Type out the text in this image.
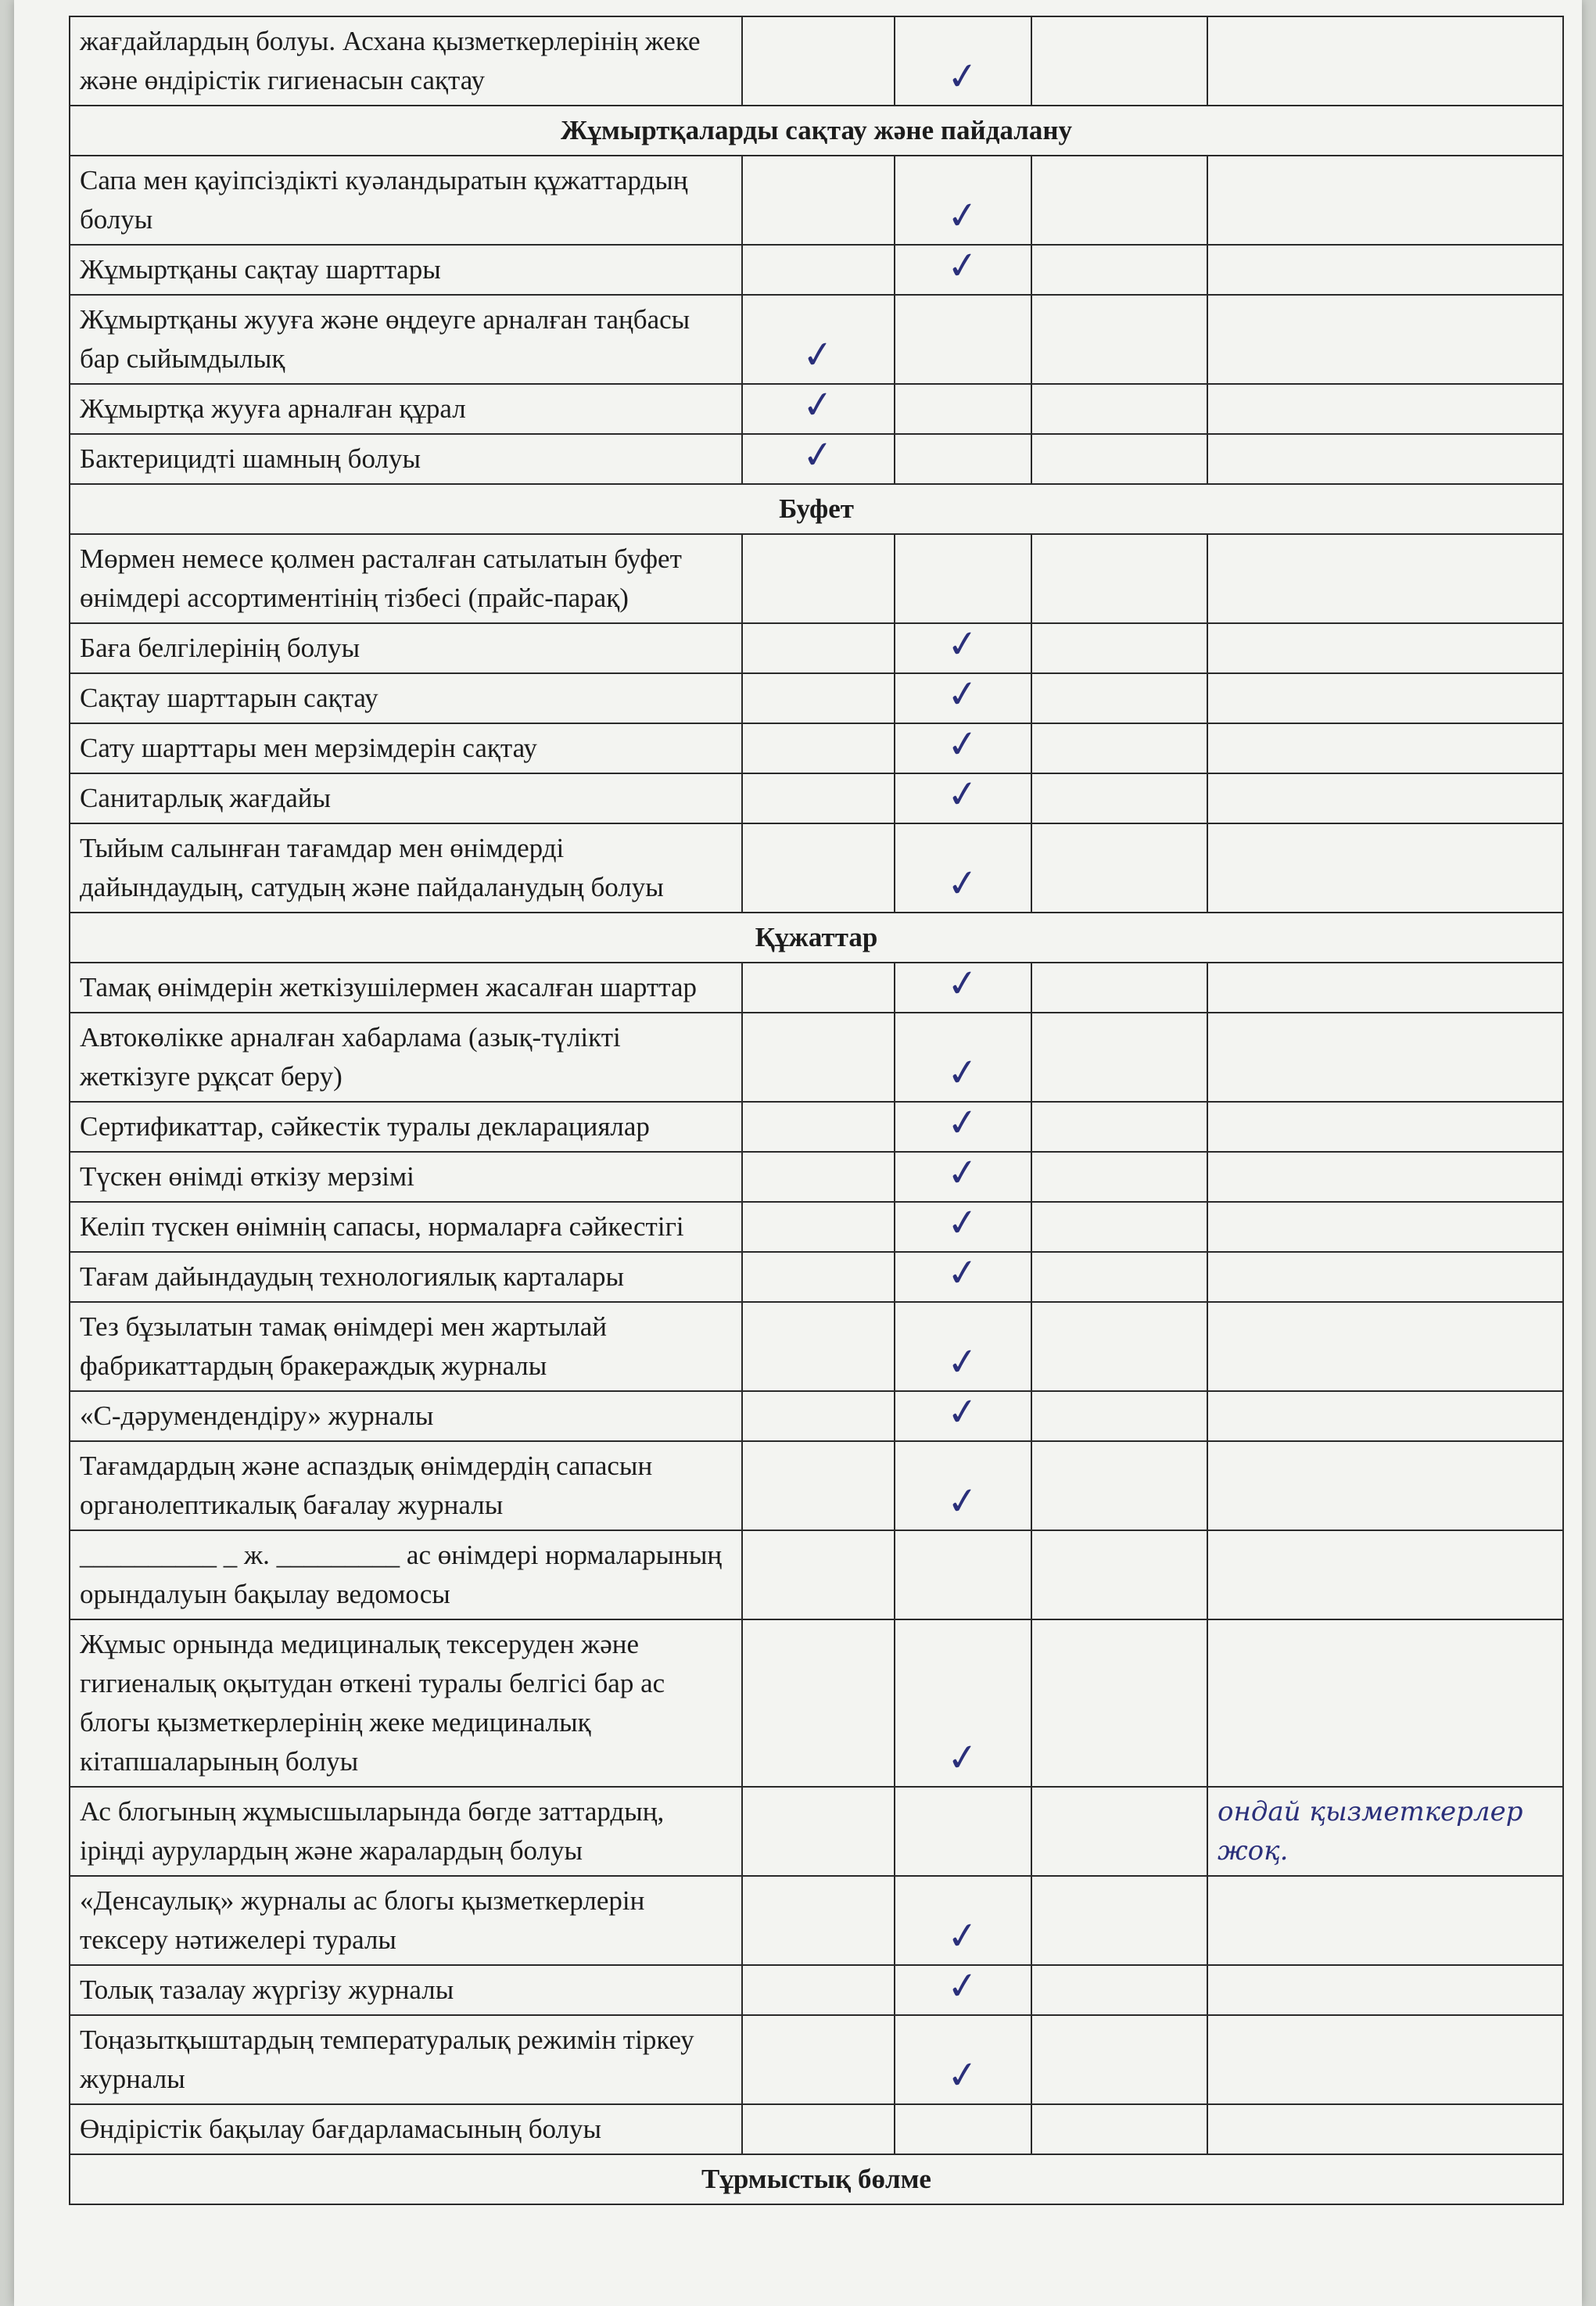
жағдайлардың болуы. Асхана қызметкерлерінің жеке және өндірістік гигиенасын сақтау		✓		
Жұмыртқаларды сақтау және пайдалану				
Сапа мен қауіпсіздікті куәландыратын құжаттардың болуы		✓		
Жұмыртқаны сақтау шарттары		✓		
Жұмыртқаны жууға және өңдеуге арналған таңбасы бар сыйымдылық	✓			
Жұмыртқа жууға арналған құрал	✓			
Бактерицидті шамның болуы	✓			
Буфет				
Мөрмен немесе қолмен расталған сатылатын буфет өнімдері ассортиментінің тізбесі (прайс-парақ)				
Баға белгілерінің болуы		✓		
Сақтау шарттарын сақтау		✓		
Сату шарттары мен мерзімдерін сақтау		✓		
Санитарлық жағдайы		✓		
Тыйым салынған тағамдар мен өнімдерді дайындаудың, сатудың және пайдаланудың болуы		✓		
Құжаттар				
Тамақ өнімдерін жеткізушілермен жасалған шарттар		✓		
Автокөлікке арналған хабарлама (азық-түлікті жеткізуге рұқсат беру)		✓		
Сертификаттар, сәйкестік туралы декларациялар		✓		
Түскен өнімді өткізу мерзімі		✓		
Келіп түскен өнімнің сапасы, нормаларға сәйкестігі		✓		
Тағам дайындаудың технологиялық карталары		✓		
Тез бұзылатын тамақ өнімдері мен жартылай фабрикаттардың бракераждық журналы		✓		
«С-дәрумендендіру» журналы		✓		
Тағамдардың және аспаздық өнімдердің сапасын органолептикалық бағалау журналы		✓		
__________ _ ж. _________ ас өнімдері нормаларының орындалуын бақылау ведомосы				
Жұмыс орнында медициналық тексеруден және гигиеналық оқытудан өткені туралы белгісі бар ас блогы қызметкерлерінің жеке медициналық кітапшаларының болуы		✓		
Ас блогының жұмысшыларында бөгде заттардың, іріңді аурулардың және жаралардың болуы				ондай қызметкерлер жоқ.
«Денсаулық» журналы ас блогы қызметкерлерін тексеру нәтижелері туралы		✓		
Толық тазалау жүргізу журналы		✓		
Тоңазытқыштардың температуралық режимін тіркеу журналы		✓		
Өндірістік бақылау бағдарламасының болуы				
Тұрмыстық бөлме				
